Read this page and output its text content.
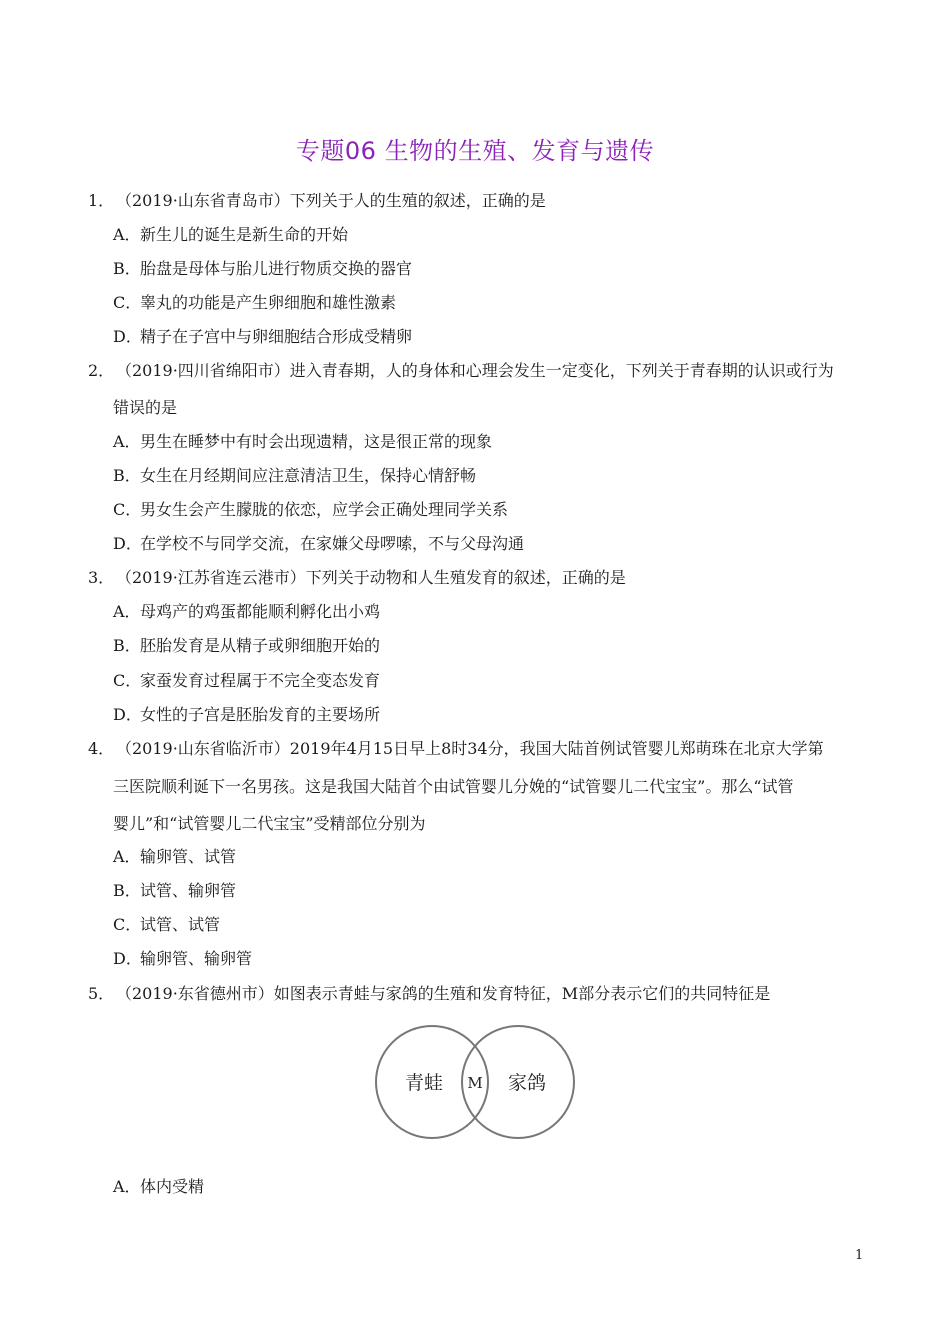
专题06 生物的生殖、发育与遗传
1． （2019·山东省青岛市）下列关于人的生殖的叙述，正确的是
A．新生儿的诞生是新生命的开始
B．胎盘是母体与胎儿进行物质交换的器官
C．睾丸的功能是产生卵细胞和雄性激素
D．精子在子宫中与卵细胞结合形成受精卵
2． （2019·四川省绵阳市）进入青春期，人的身体和心理会发生一定变化，下列关于青春期的认识或行为
错误的是
A．男生在睡梦中有时会出现遗精，这是很正常的现象
B．女生在月经期间应注意清洁卫生，保持心情舒畅
C．男女生会产生朦胧的依恋，应学会正确处理同学关系
D．在学校不与同学交流，在家嫌父母啰嗦，不与父母沟通
3． （2019·江苏省连云港市）下列关于动物和人生殖发育的叙述，正确的是
A．母鸡产的鸡蛋都能顺利孵化出小鸡
B．胚胎发育是从精子或卵细胞开始的
C．家蚕发育过程属于不完全变态发育
D．女性的子宫是胚胎发育的主要场所
4． （2019·山东省临沂市）2019年4月15日早上8时34分，我国大陆首例试管婴儿郑萌珠在北京大学第
三医院顺利诞下一名男孩。这是我国大陆首个由试管婴儿分娩的“试管婴儿二代宝宝”。那么“试管
婴儿”和“试管婴儿二代宝宝”受精部位分别为
A．输卵管、试管
B．试管、输卵管
C．试管、试管
D．输卵管、输卵管
5． （2019·东省德州市）如图表示青蛙与家鸽的生殖和发育特征，M部分表示它们的共同特征是
青蛙 M 家鸽
A．体内受精
1
